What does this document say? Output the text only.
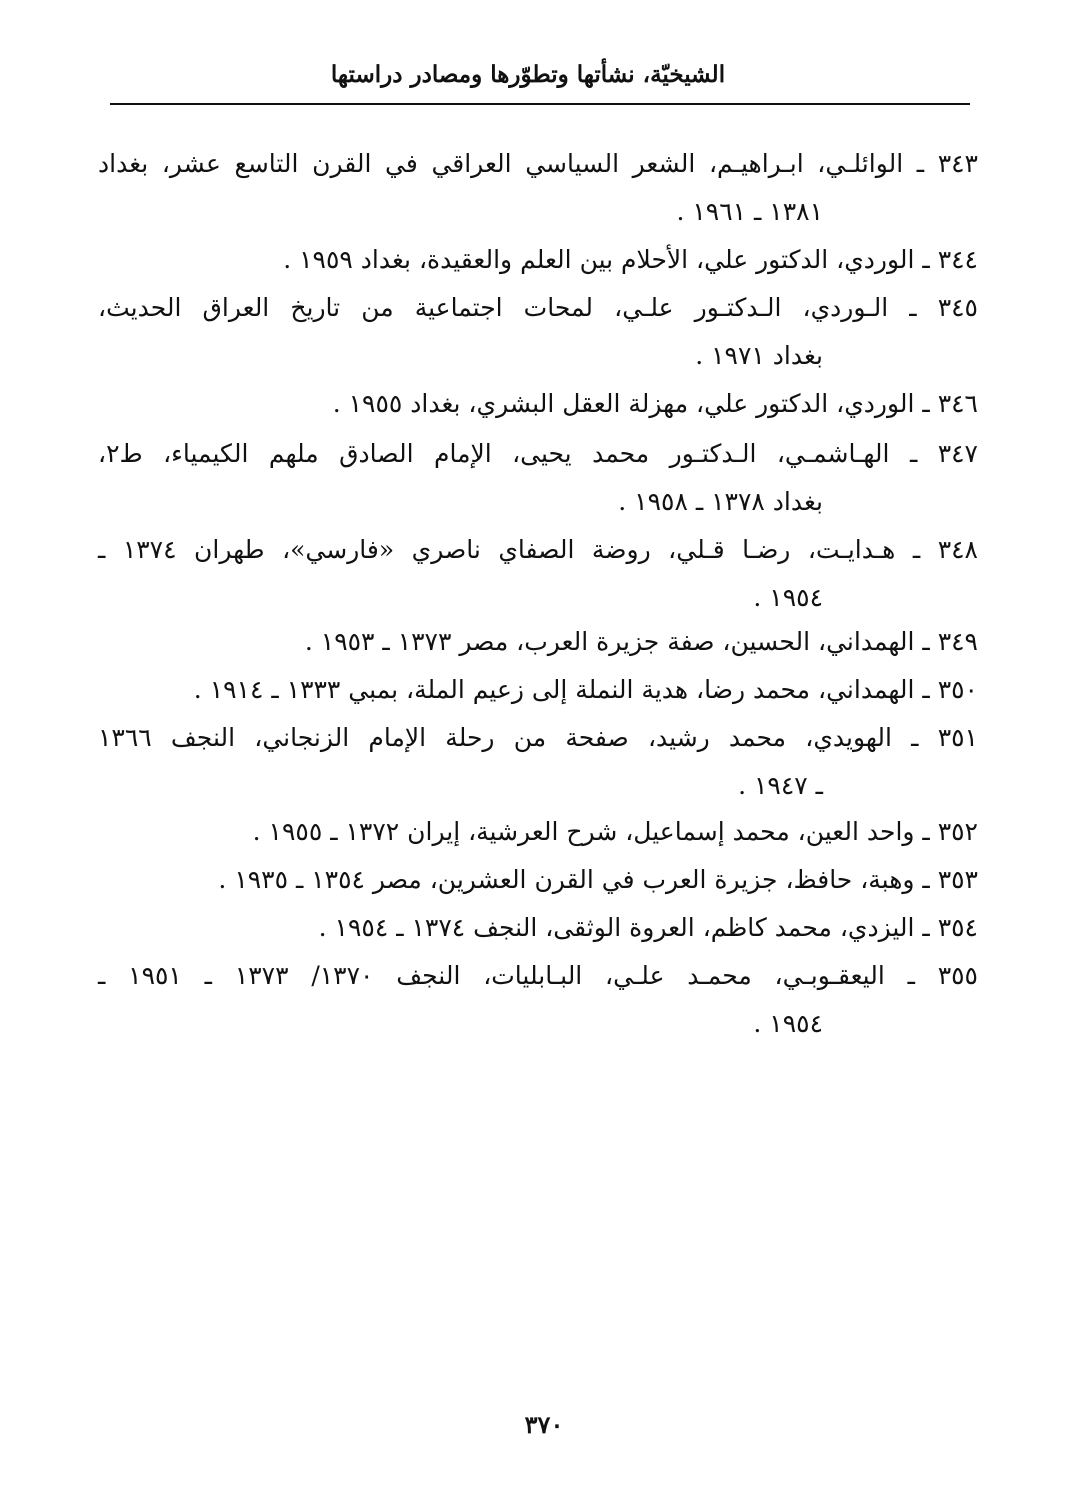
الشيخيّة، نشأتها وتطوّرها ومصادر دراستها
٣٤٣ ـ الوائلـي، ابـراهيـم، الشعر السياسي العراقي في القرن التاسع عشر، بغداد
١٣٨١ ـ ١٩٦١ .
٣٤٤ ـ الوردي، الدكتور علي، الأحلام بين العلم والعقيدة، بغداد ١٩٥٩ .
٣٤٥ ـ الـوردي، الـدكتـور علـي، لمحات اجتماعية من تاريخ العراق الحديث،
بغداد ١٩٧١ .
٣٤٦ ـ الوردي، الدكتور علي، مهزلة العقل البشري، بغداد ١٩٥٥ .
٣٤٧ ـ الهـاشمـي، الـدكتـور محمد يحيى، الإمام الصادق ملهم الكيمياء، ط٢،
بغداد ١٣٧٨ ـ ١٩٥٨ .
٣٤٨ ـ هـدايـت، رضـا قـلي، روضة الصفاي ناصري «فارسي»، طهران ١٣٧٤ ـ
١٩٥٤ .
٣٤٩ ـ الهمداني، الحسين، صفة جزيرة العرب، مصر ١٣٧٣ ـ ١٩٥٣ .
٣٥٠ ـ الهمداني، محمد رضا، هدية النملة إلى زعيم الملة، بمبي ١٣٣٣ ـ ١٩١٤ .
٣٥١ ـ الهويدي، محمد رشيد، صفحة من رحلة الإمام الزنجاني، النجف ١٣٦٦
ـ ١٩٤٧ .
٣٥٢ ـ واحد العين، محمد إسماعيل، شرح العرشية، إيران ١٣٧٢ ـ ١٩٥٥ .
٣٥٣ ـ وهبة، حافظ، جزيرة العرب في القرن العشرين، مصر ١٣٥٤ ـ ١٩٣٥ .
٣٥٤ ـ اليزدي، محمد كاظم، العروة الوثقى، النجف ١٣٧٤ ـ ١٩٥٤ .
٣٥٥ ـ اليعقـوبـي، محمـد علـي، البـابليات، النجف ١٣٧٠/ ١٣٧٣ ـ ١٩٥١ ـ
١٩٥٤ .
٣٧٠
